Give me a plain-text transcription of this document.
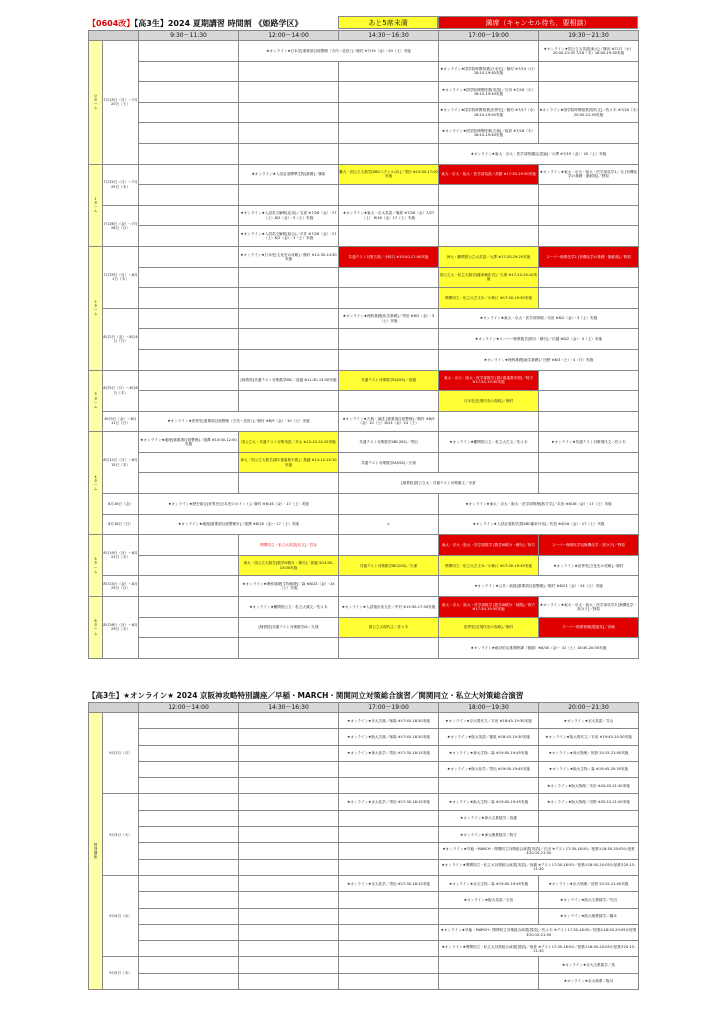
【0604改】【高3生】2024 夏期講習 時間割 《姫路学区》	あと5席未満	満席（キャンセル待ち，要相談）
		9:30～11:30	12:00～14:00	14:30～16:30	17:00～19:00	19:30～21:30
0
タ
ー
ム	7月15日（月）〜7月20日（土）		★オンライン★日本史[重要項目総整理（古代〜近世）]／飯村 ※7/19（金）・20（土）実施			★オンライン★国公立大英語[東大]／篠田 ※7/17（水）20:00-21:30 7/18（木）18:00-19:30実施
					★オンライン★国学院時間授業[日本史]／飯村 ※7/15（月）18:10-19:40実施	
					★オンライン★国学院時間授業[英語]／石田 ※7/16（火）18:10-19:40実施	
					★オンライン★国学院時間授業[世界史]／飯村 ※7/17（水）18:10-19:40実施	★オンライン★国学院時間授業[現代文]／佐々木 ※7/18（木）20:00-21:30実施
					★オンライン★国学院時間授業[古典]／坂倉 ※7/18（木）18:10-19:40実施	
					★オンライン★東大・京大・医学部特講[記述論]／小澤 ※7/19（金）・20（土）実施	
1
タ
ー
ム	7月22日（月）〜7月25日（木）		★オンライン★入試必須標準生物[基礎]／篠原	難大・国公立大数学[IIBCベクトル(2)]／男田 ※15:00-17:00実施	東大・京大・阪大・医学部英語／高階 ※17:30-19:30実施	★オンライン★東大・京大・阪大・医学部化学1／吉 [有機化学の基礎・脂肪族]／野原

	7月26日（金）〜7月28日（日）		★オンライン★入試英文解釈[応用]／名倉 ※7/26（金）・27（土）8/2（金）・3（土）実施	★オンライン★東大・京大英語／篠原 ※7/26（金）7/27（土） 8/16（金）17（土）実施		
			★オンライン★入試英文解釈[総合]／平井 ※7/26（金）・27（土）8/2（金）・3（土）実施			
2
タ
ー
ム	7月29日（月）〜8月1日（木）		★オンライン★日本史[文化史の攻略]／飯村 ※12:30-14:30実施	共通テスト対策古典／小林口 ※15:00-17:00実施	神大・難関国公立大英語／大澤 ※17:20-19:20実施	スーパー理系化学2 [有機化学の基礎・脂肪族]／野原
					国公立大・私立大数学[確率漸化式]／久保 ※17:10-19:10実施	
					関関同立・私立大古文②／小林口 ※17:30-19:30実施	
	8月2日（金）〜8月4日（日）			★オンライン★理科基礎[化学基礎]／男田 ※8/2（金）・3（土）実施	★オンライン★東大・京大・医学部物理／末田 ※8/2（金）・3（土）実施	
					★オンライン★スーパー理系数学[微分・積分]／川越 ※8/2（金）・3（土）実施	
					★オンライン★理科基礎[地学基礎]／田野 ※8/3（土）・4（日）実施	
3
タ
ー
ム	8月5日（月）〜8月8日（木）		[帰着校]共通テスト対策数学IBC／鳥越 ※11:30-13:30実施	共通テスト対策数学IA(ISS)／鳥越	東大・京大・阪大・医学部数学 [数C複素数平面]／阿方 ※17:30-19:30実施	
					日本史[近現代史の攻略]／飯村	
	8月9日（金）〜8月11日（日）	★オンライン★世界史[重要項目総整理（古代〜近世）]／飯村 ※8/9（金）・10（土）実施		★オンライン★古典・論述 [重要項目総整理]／飯村 ※8/9（金）10（土）8/23（金）24（土）		
4
タ
ー
ム	8月12日（月）〜8月15日（木）	★オンライン★地理[重要項目総整理]／境澤 ※10:00-12:00実施	国公立大・共通テスト対策英語／井山 ※12:10-14:10実施	共通テスト対策数学IIBC(ISS)／男田	★オンライン★難関国公立・私立大古文／佐々木	★オンライン★共通テスト対策現代文／佐々木
			神大・国公立大数学[数C複素数平面]／鳥越 ※12:10-14:10実施	共通テスト対策数学IA(ISS)／久保		
				[帰着校]国公立大・共通テスト対策漢文／末倉		
	8月16日（金）	★オンライン★歴史総合[世界史]日本史のポイント]／飯村 ※8/16（金）・17（土）実施			★オンライン★東大・京大・阪大・医学部物理[熱力学]／末田 ※8/16（金）・17（土）実施	
	8月18日（日）	★オンライン★地理[重要項目総整理②]／境澤 ※8/16（金）・17（土）実施		v	★オンライン★入試必須数学[数IIBC確率分布]／佐伯 ※8/16（金）・17（土）実施	
5
タ
ー
ム	8月19日（月）〜8月22日（木）		関関同立・私立大英語[長文]／宮谷		東大・京大・阪大・医学部数学 [数学III微分・積分]／阿方	スーパー理系化学2[無機化学・高分子]／野原
			神大・国公立大数学[数学III微分・積分]／鳥越 ※13:00-15:00実施	共通テスト対策数学IBC(ISS)／久保	関関同立・私立大古文③／小林口 ※17:30-19:30実施	★オンライン★世界史[文化史の攻略]／飯村
	8月23日（金）〜8月25日（日）		★オンライン★理科基礎[生物基礎]／森 ※8/23（金）・24（土）実施		★オンライン★公共・政経[重要項目総整理]／飯村 ※8/23（金）・24（土）実施	
6
タ
ー
ム	8月26日（月）〜8月29日（木）		★オンライン★難関国公立・私立大漢文／佐々木	★オンライン★入試頻出英文法／中村 ※15:30-17:30実施	東大・京大・阪大・医学部数学 [数学III積分・極限]／阿方 ※17:30-19:30実施	★オンライン★東大・京大・阪大・医学部化学3 [無機化学・高分子]／野原
			[帰着校]共通テスト対策数学IA／久保	国公立大現代文／佐々木	世界史[近現代史の攻略]／飯村	スーパー理系物理[電磁気]／田崎
					★オンライン★統計的な推測特講（後期）※8/30（金）・31（土）18:30-20:00実施	
【高3生】★オンライン★ 2024 京阪神攻略特別講座／早稲・MARCH・関関同立対策総合演習／関関同立・私立大対策総合演習
		12:00～14:00	14:30～16:30	17:00～19:00	18:00～19:30	20:00～21:30
特
別
講
座	9月2日（月）			★オンライン★京大古典／保森 ※17:45-18:30実施	★オンライン★京大現代文／木田 ※18:45-19:30実施	★オンライン★京大英語／井山
				★オンライン★阪大古典／保森 ※17:45-18:30実施	★オンライン★阪大英語／篠原 ※18:45-19:30実施	★オンライン★阪大現代文／木田 ※19:45-20:30実施
				★オンライン★神大化学／男田 ※17:30-18:15実施	★オンライン★神大生物／森 ※19:00-19:45実施	★オンライン★神大物理／田野 20:15-21:00実施
					★オンライン★阪大化学／男田 ※19:00-19:45実施	★オンライン★阪大生物／森 ※19:45-20:30実施
						★オンライン★阪大物理／末田 ※20:45-21:30実施
	9月3日（火）			★オンライン★京大化学／男田 ※17:30-18:15実施	★オンライン★阪大生物／森 ※19:00-19:45実施	★オンライン★阪大物理／田野 ※20:15-21:00実施
					★オンライン★神大文系数学／鳥越	
					★オンライン★神大理系数学／阿方	
					★オンライン★早稲・MARCH・関関同立対策総合演習[英語]／石田 ※テスト17:30-18:50／授業①18:50-20:05＆授業②20:15-21:30	
					★オンライン★関関同立・私立大対策総合演習[英語]／高橋 ※テスト17:30-18:50／授業①18:50-20:05＆授業②20:15-21:30	
	9月4日（水）			★オンライン★京大化学／男田 ※17:30-18:15実施	★オンライン★京大生物／森 ※19:00-19:45実施	★オンライン★京大物理／田野 20:15-21:00実施
					★オンライン★阪大英語／石田	★オンライン★阪大文系数学／矢田
						★オンライン★阪大理系数学／橋本
					★オンライン★早稲・MARCH・関関同立対策総合演習[国語]／佐々木 ※テスト17:30-18:50／授業①18:50-20:05＆授業②20:15-21:30	
					★オンライン★関関同立・私立大対策総合演習[国語]／坂倉 ※テスト17:30-18:50／授業①18:50-20:05＆授業②20:15-21:30	
	9月5日（木）					★オンライン★京大文系数学／鳥
						★オンライン★京大理系／阪川
